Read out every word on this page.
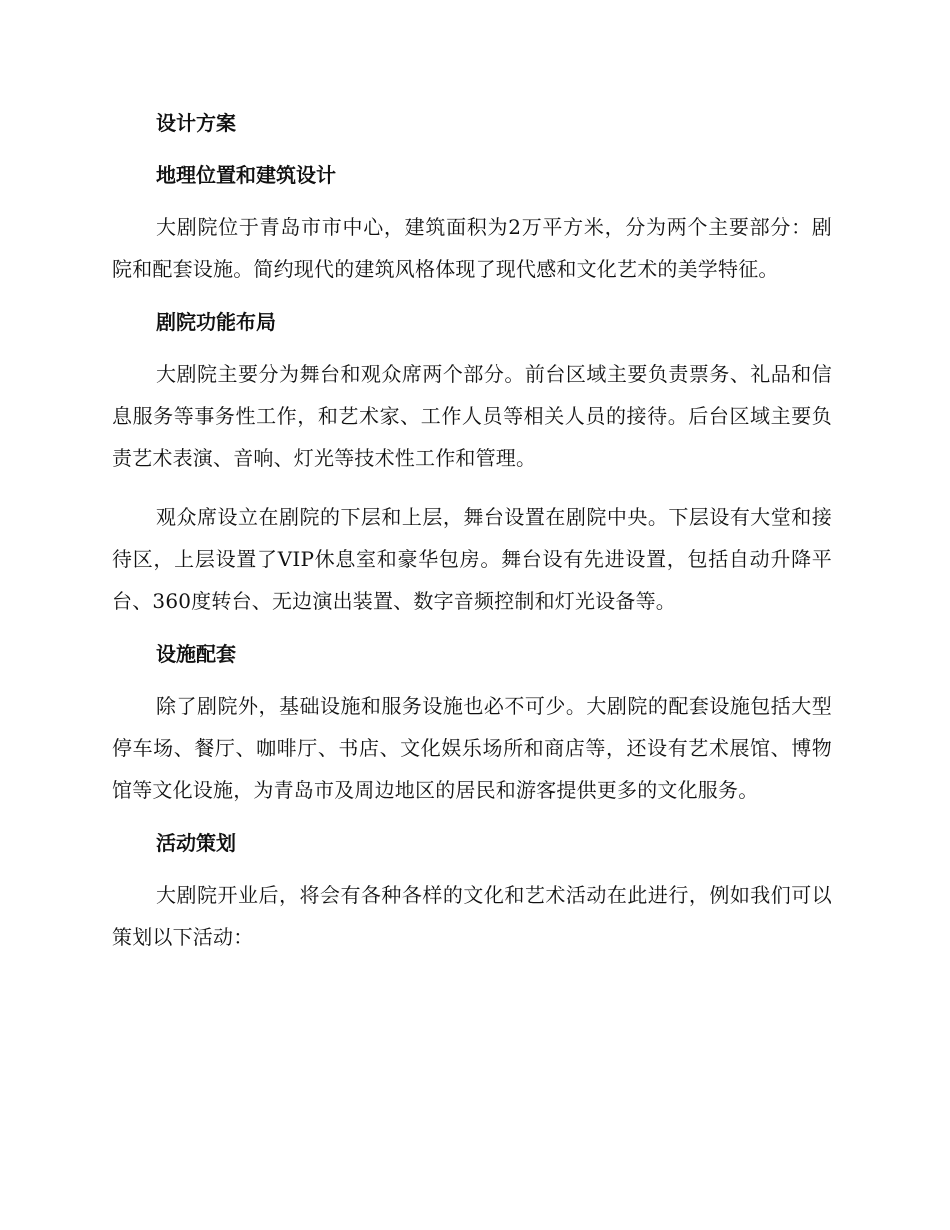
设计方案
地理位置和建筑设计

大剧院位于青岛市市中心，建筑面积为2万平方米，分为两个主要部分：剧院和配套设施。简约现代的建筑风格体现了现代感和文化艺术的美学特征。

剧院功能布局

大剧院主要分为舞台和观众席两个部分。前台区域主要负责票务、礼品和信息服务等事务性工作，和艺术家、工作人员等相关人员的接待。后台区域主要负责艺术表演、音响、灯光等技术性工作和管理。

观众席设立在剧院的下层和上层，舞台设置在剧院中央。下层设有大堂和接待区，上层设置了VIP休息室和豪华包房。舞台设有先进设置，包括自动升降平台、360度转台、无边演出装置、数字音频控制和灯光设备等。

设施配套

除了剧院外，基础设施和服务设施也必不可少。大剧院的配套设施包括大型停车场、餐厅、咖啡厅、书店、文化娱乐场所和商店等，还设有艺术展馆、博物馆等文化设施，为青岛市及周边地区的居民和游客提供更多的文化服务。

活动策划

大剧院开业后，将会有各种各样的文化和艺术活动在此进行，例如我们可以策划以下活动：
